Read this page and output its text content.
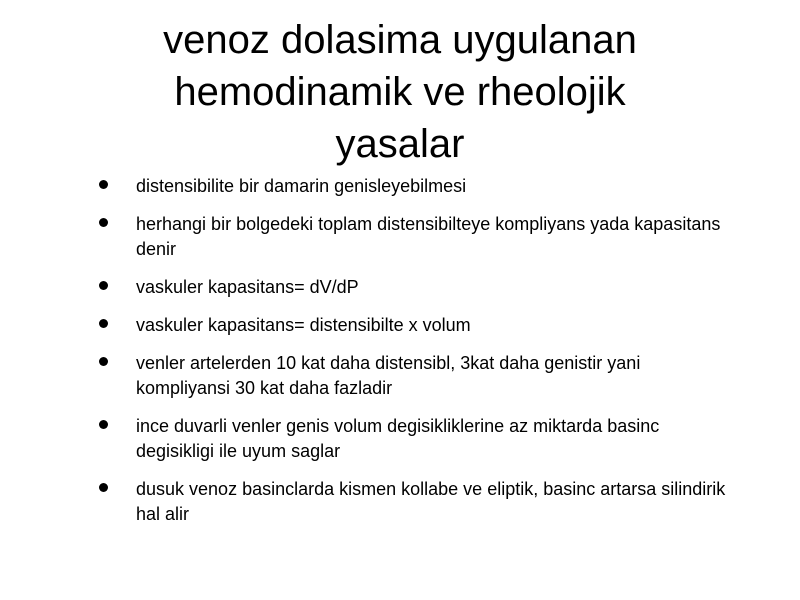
venoz dolasima uygulanan
hemodinamik ve rheolojik
yasalar
distensibilite bir damarin genisleyebilmesi
herhangi bir bolgedeki toplam distensibilteye kompliyans yada kapasitans denir
vaskuler kapasitans= dV/dP
vaskuler kapasitans= distensibilte x volum
venler artelerden 10 kat daha distensibl, 3kat daha genistir yani kompliyansi 30 kat daha fazladir
ince duvarli venler genis volum degisikliklerine az miktarda basinc degisikligi ile uyum saglar
dusuk venoz basinclarda kismen kollabe ve eliptik, basinc artarsa silindirik hal alir
